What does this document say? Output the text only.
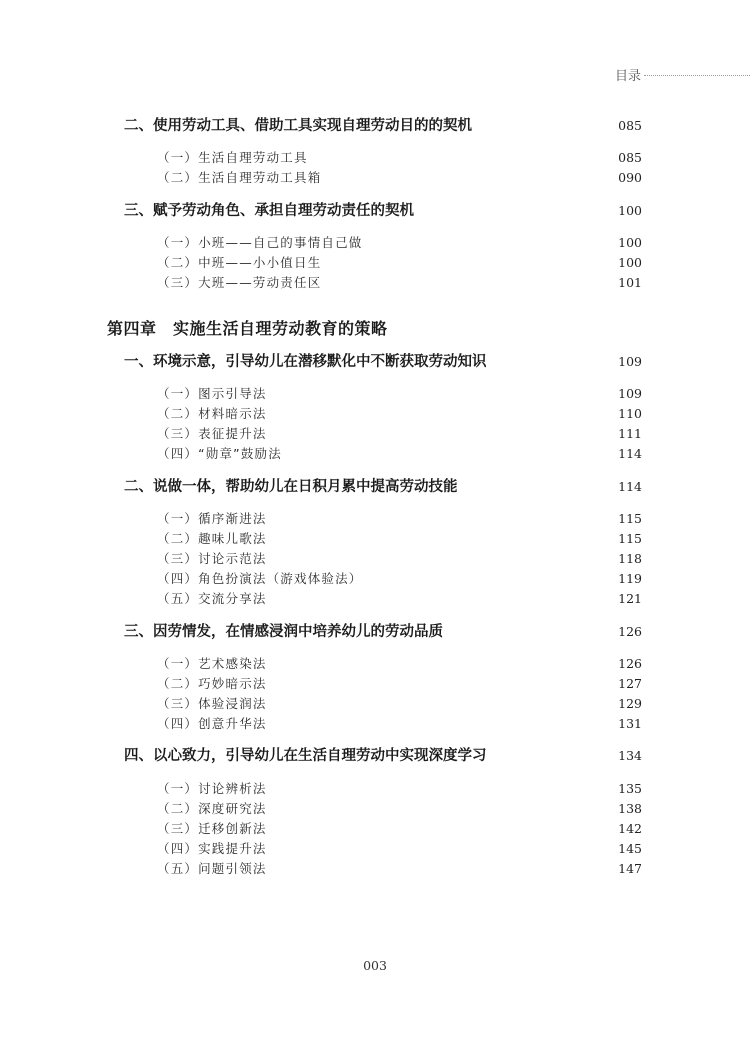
目录
二、使用劳动工具、借助工具实现自理劳动目的的契机	085
（一）生活自理劳动工具	085
（二）生活自理劳动工具箱	090
三、赋予劳动角色、承担自理劳动责任的契机	100
（一）小班——自己的事情自己做	100
（二）中班——小小值日生	100
（三）大班——劳动责任区	101
第四章　实施生活自理劳动教育的策略
一、环境示意，引导幼儿在潜移默化中不断获取劳动知识	109
（一）图示引导法	109
（二）材料暗示法	110
（三）表征提升法	111
（四）“勋章”鼓励法	114
二、说做一体，帮助幼儿在日积月累中提高劳动技能	114
（一）循序渐进法	115
（二）趣味儿歌法	115
（三）讨论示范法	118
（四）角色扮演法（游戏体验法）	119
（五）交流分享法	121
三、因劳情发，在情感浸润中培养幼儿的劳动品质	126
（一）艺术感染法	126
（二）巧妙暗示法	127
（三）体验浸润法	129
（四）创意升华法	131
四、以心致力，引导幼儿在生活自理劳动中实现深度学习	134
（一）讨论辨析法	135
（二）深度研究法	138
（三）迁移创新法	142
（四）实践提升法	145
（五）问题引领法	147
003
